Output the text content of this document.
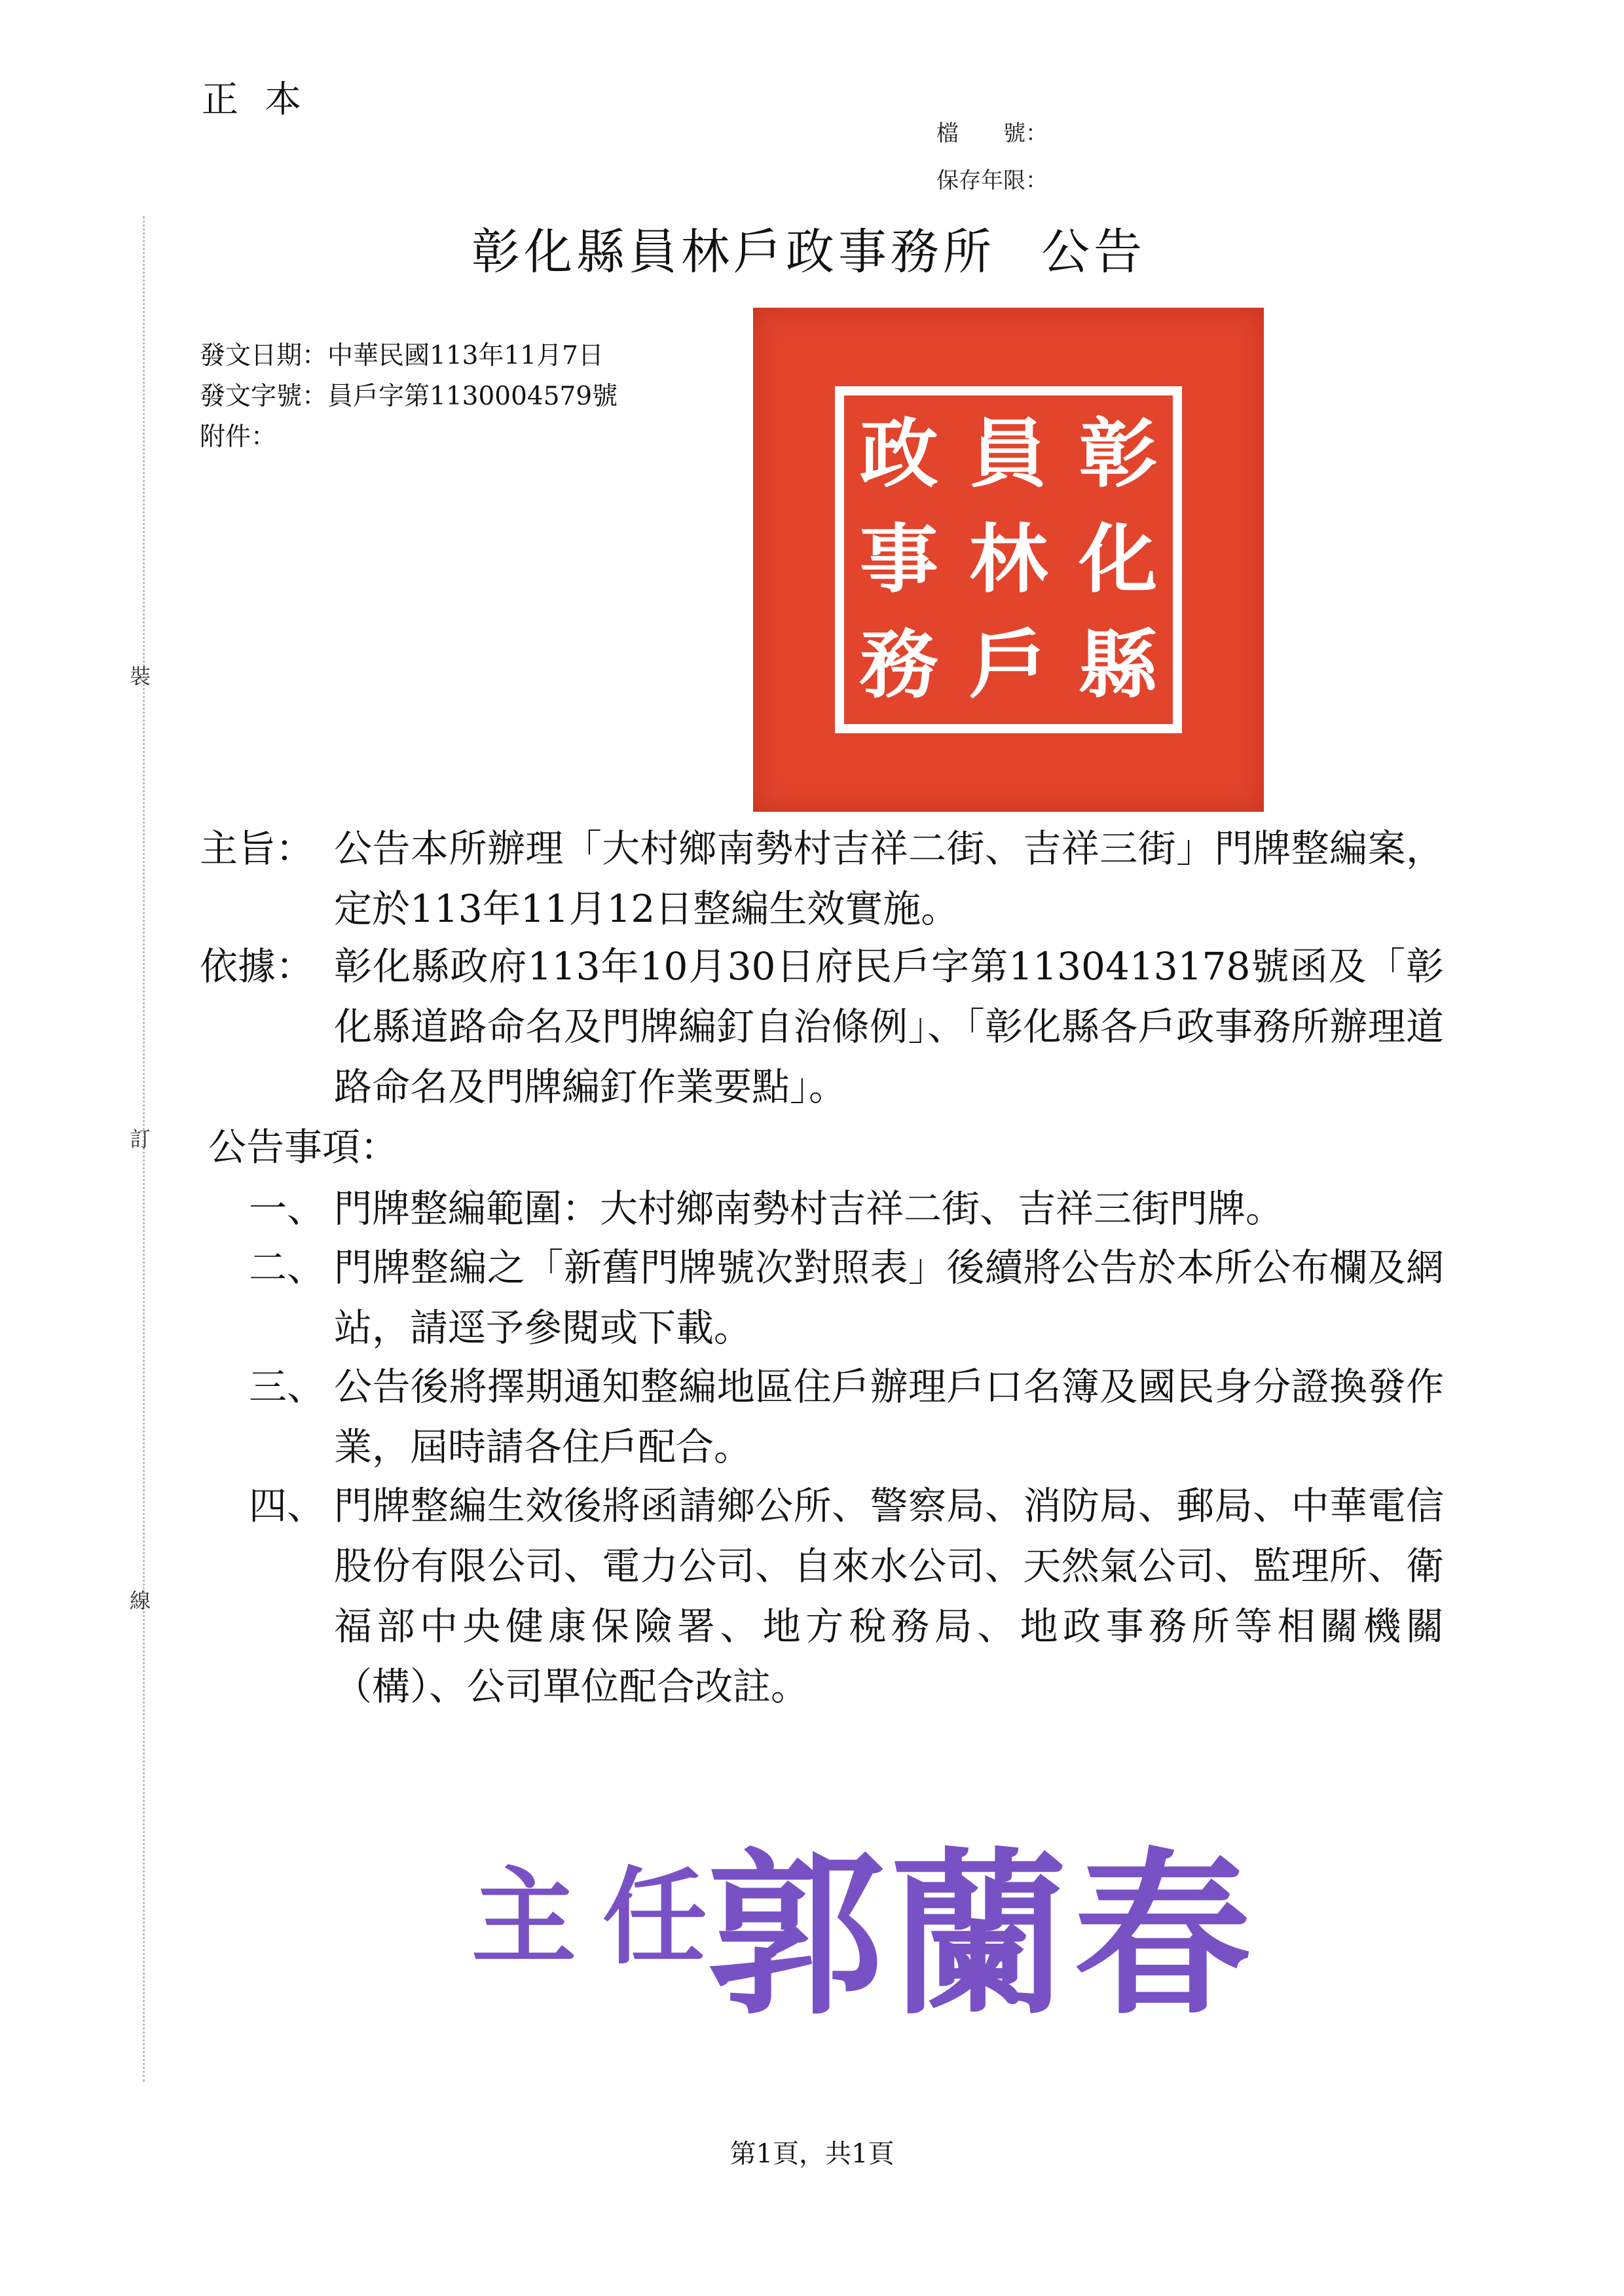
裝
訂
線
正本
檔　　號：
保存年限：
彰化縣員林戶政事務所 公告
發文日期：中華民國113年11月7日
發文字號：員戶字第1130004579號
附件：	彰
化
縣
員
林
戶
政
事
務
主旨： 公告本所辦理「大村鄉南勢村吉祥二街、吉祥三街」門牌整編案，定於113年11月12日整編生效實施。
依據： 彰化縣政府113年10月30日府民戶字第1130413178號函及「彰化縣道路命名及門牌編釘自治條例」、「彰化縣各戶政事務所辦理道路命名及門牌編釘作業要點」。
公告事項：
一、 門牌整編範圍：大村鄉南勢村吉祥二街、吉祥三街門牌。
二、 門牌整編之「新舊門牌號次對照表」後續將公告於本所公布欄及網站，請逕予參閱或下載。
三、 公告後將擇期通知整編地區住戶辦理戶口名簿及國民身分證換發作業，屆時請各住戶配合。
四、 門牌整編生效後將函請鄉公所、警察局、消防局、郵局、中華電信股份有限公司、電力公司、自來水公司、天然氣公司、監理所、衛福部中央健康保險署、地方稅務局、地政事務所等相關機關（構）、公司單位配合改註。
主任
郭蘭春
第1頁，共1頁
